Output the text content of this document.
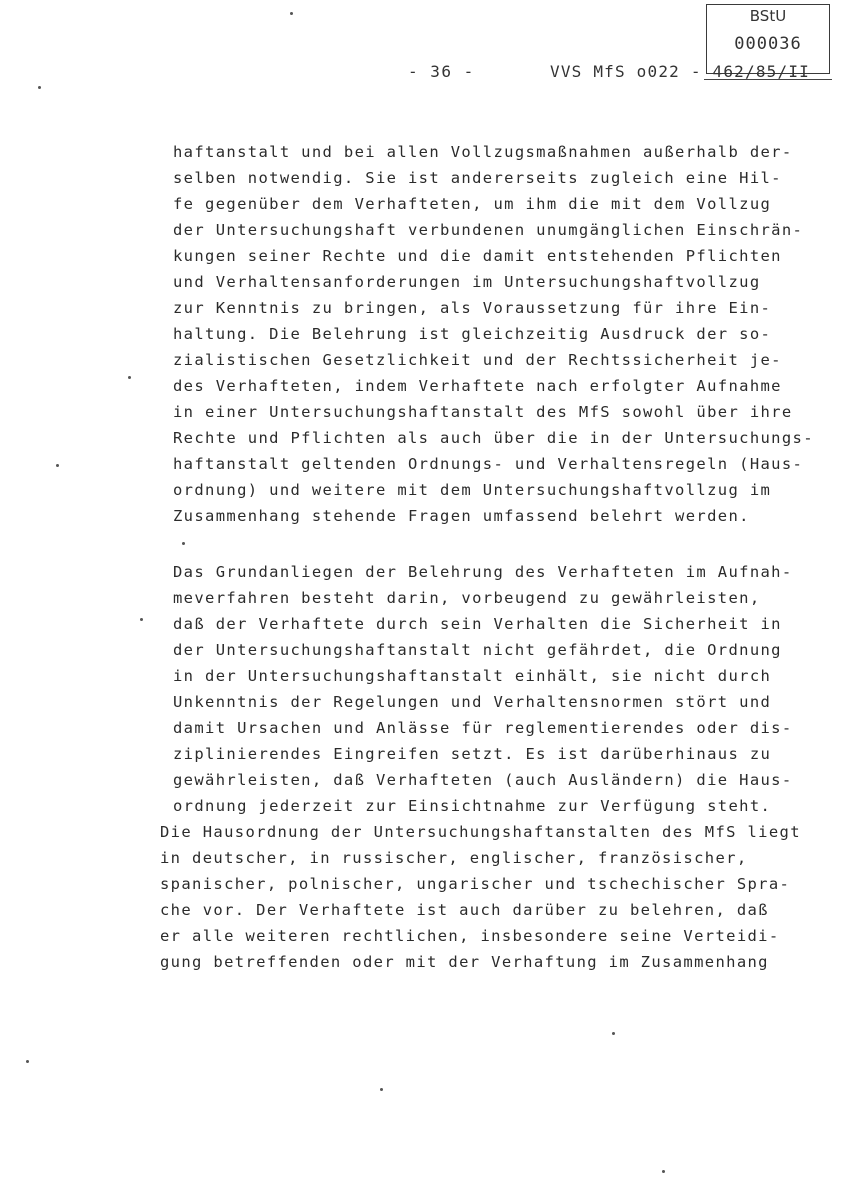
BStU
000036
- 36 -	VVS MfS o022 - 462/85/II
haftanstalt und bei allen Vollzugsmaßnahmen außerhalb der-
selben notwendig. Sie ist andererseits zugleich eine Hil-
fe gegenüber dem Verhafteten, um ihm die mit dem Vollzug
der Untersuchungshaft verbundenen unumgänglichen Einschrän-
kungen seiner Rechte und die damit entstehenden Pflichten
und Verhaltensanforderungen im Untersuchungshaftvollzug
zur Kenntnis zu bringen, als Voraussetzung für ihre Ein-
haltung. Die Belehrung ist gleichzeitig Ausdruck der so-
zialistischen Gesetzlichkeit und der Rechtssicherheit je-
des Verhafteten, indem Verhaftete nach erfolgter Aufnahme
in einer Untersuchungshaftanstalt des MfS sowohl über ihre
Rechte und Pflichten als auch über die in der Untersuchungs-
haftanstalt geltenden Ordnungs- und Verhaltensregeln (Haus-
ordnung) und weitere mit dem Untersuchungshaftvollzug im
Zusammenhang stehende Fragen umfassend belehrt werden.
Das Grundanliegen der Belehrung des Verhafteten im Aufnah-
meverfahren besteht darin, vorbeugend zu gewährleisten,
daß der Verhaftete durch sein Verhalten die Sicherheit in
der Untersuchungshaftanstalt nicht gefährdet, die Ordnung
in der Untersuchungshaftanstalt einhält, sie nicht durch
Unkenntnis der Regelungen und Verhaltensnormen stört und
damit Ursachen und Anlässe für reglementierendes oder dis-
ziplinierendes Eingreifen setzt. Es ist darüberhinaus zu
gewährleisten, daß Verhafteten (auch Ausländern) die Haus-
ordnung jederzeit zur Einsichtnahme zur Verfügung steht.
Die Hausordnung der Untersuchungshaftanstalten des MfS liegt
in deutscher, in russischer, englischer, französischer,
spanischer, polnischer, ungarischer und tschechischer Spra-
che vor. Der Verhaftete ist auch darüber zu belehren, daß
er alle weiteren rechtlichen, insbesondere seine Verteidi-
gung betreffenden oder mit der Verhaftung im Zusammenhang
